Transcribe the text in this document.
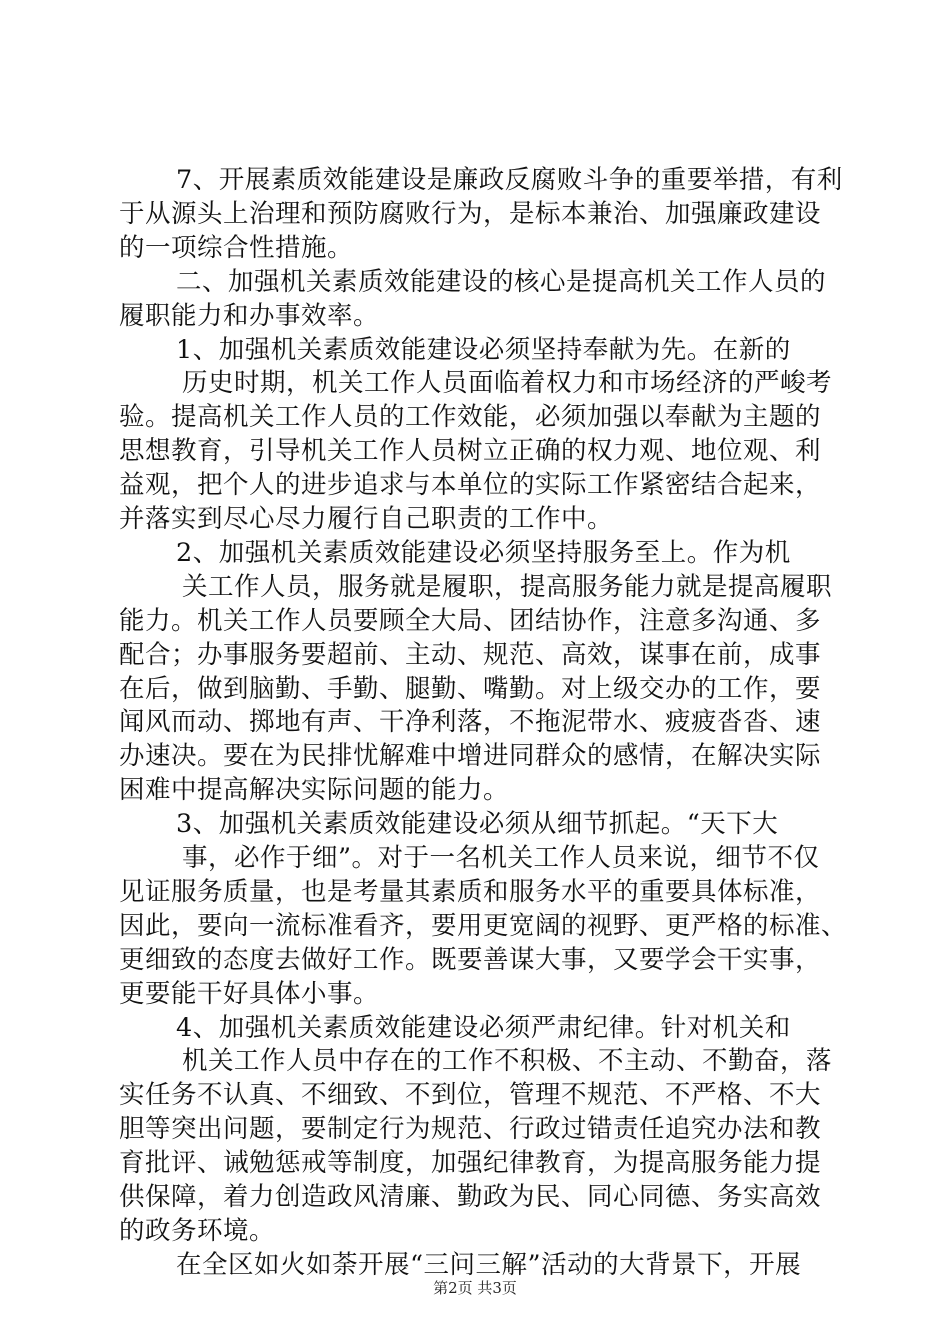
7、开展素质效能建设是廉政反腐败斗争的重要举措，有利
于从源头上治理和预防腐败行为，是标本兼治、加强廉政建设
的一项综合性措施。
二、加强机关素质效能建设的核心是提高机关工作人员的
履职能力和办事效率。
1、加强机关素质效能建设必须坚持奉献为先。在新的
历史时期，机关工作人员面临着权力和市场经济的严峻考
验。提高机关工作人员的工作效能，必须加强以奉献为主题的
思想教育，引导机关工作人员树立正确的权力观、地位观、利
益观，把个人的进步追求与本单位的实际工作紧密结合起来，
并落实到尽心尽力履行自己职责的工作中。
2、加强机关素质效能建设必须坚持服务至上。作为机
关工作人员，服务就是履职，提高服务能力就是提高履职
能力。机关工作人员要顾全大局、团结协作，注意多沟通、多
配合；办事服务要超前、主动、规范、高效，谋事在前，成事
在后，做到脑勤、手勤、腿勤、嘴勤。对上级交办的工作，要
闻风而动、掷地有声、干净利落，不拖泥带水、疲疲沓沓、速
办速决。要在为民排忧解难中增进同群众的感情，在解决实际
困难中提高解决实际问题的能力。
3、加强机关素质效能建设必须从细节抓起。“天下大
事，必作于细”。对于一名机关工作人员来说，细节不仅
见证服务质量，也是考量其素质和服务水平的重要具体标准，
因此，要向一流标准看齐，要用更宽阔的视野、更严格的标准、
更细致的态度去做好工作。既要善谋大事，又要学会干实事，
更要能干好具体小事。
4、加强机关素质效能建设必须严肃纪律。针对机关和
机关工作人员中存在的工作不积极、不主动、不勤奋，落
实任务不认真、不细致、不到位，管理不规范、不严格、不大
胆等突出问题，要制定行为规范、行政过错责任追究办法和教
育批评、诫勉惩戒等制度，加强纪律教育，为提高服务能力提
供保障，着力创造政风清廉、勤政为民、同心同德、务实高效
的政务环境。
在全区如火如荼开展“三问三解”活动的大背景下，开展
第2页 共3页
